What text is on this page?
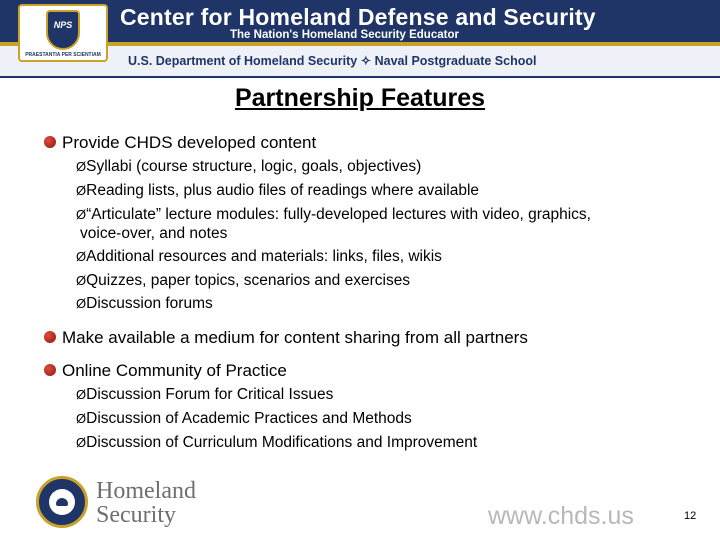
Center for Homeland Defense and Security
The Nation's Homeland Security Educator
U.S. Department of Homeland Security ✧ Naval Postgraduate School
NPS
PRAESTANTIA PER SCIENTIAM
Partnership Features
Provide CHDS developed content
ØSyllabi (course structure, logic, goals, objectives)
ØReading lists, plus audio files of readings where available
Ø“Articulate” lecture modules: fully-developed lectures with video, graphics,
voice-over, and notes
ØAdditional resources and materials: links, files, wikis
ØQuizzes, paper topics, scenarios and exercises
ØDiscussion forums
Make available a medium for content sharing from all partners
Online Community of Practice
ØDiscussion Forum for Critical Issues
ØDiscussion of Academic Practices and Methods
ØDiscussion of Curriculum Modifications and Improvement
Homeland
Security	www.chds.us	12
